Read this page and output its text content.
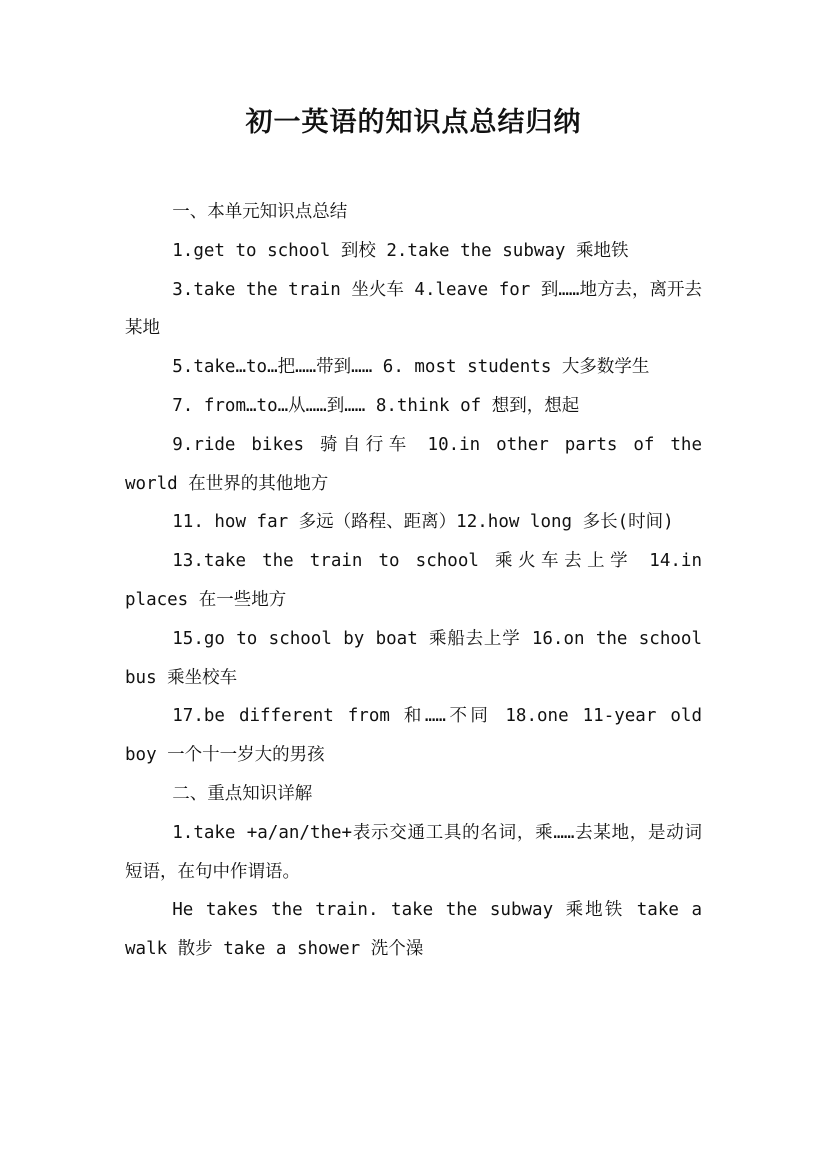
初一英语的知识点总结归纳

一、本单元知识点总结

1.get to school 到校 2.take the subway 乘地铁

3.take the train 坐火车 4.leave for 到……地方去，离开去某地

5.take…to…把……带到…… 6. most students 大多数学生

7. from…to…从……到…… 8.think of 想到，想起

9.ride bikes 骑自行车 10.in other parts of the world 在世界的其他地方

11. how far 多远（路程、距离）12.how long 多长(时间)

13.take the train to school 乘火车去上学 14.in places 在一些地方

15.go to school by boat 乘船去上学 16.on the school bus 乘坐校车

17.be different from 和……不同 18.one 11-year old boy 一个十一岁大的男孩

二、重点知识详解

1.take +a/an/the+表示交通工具的名词，乘……去某地，是动词短语，在句中作谓语。

He takes the train. take the subway 乘地铁 take a walk 散步 take a shower 洗个澡
